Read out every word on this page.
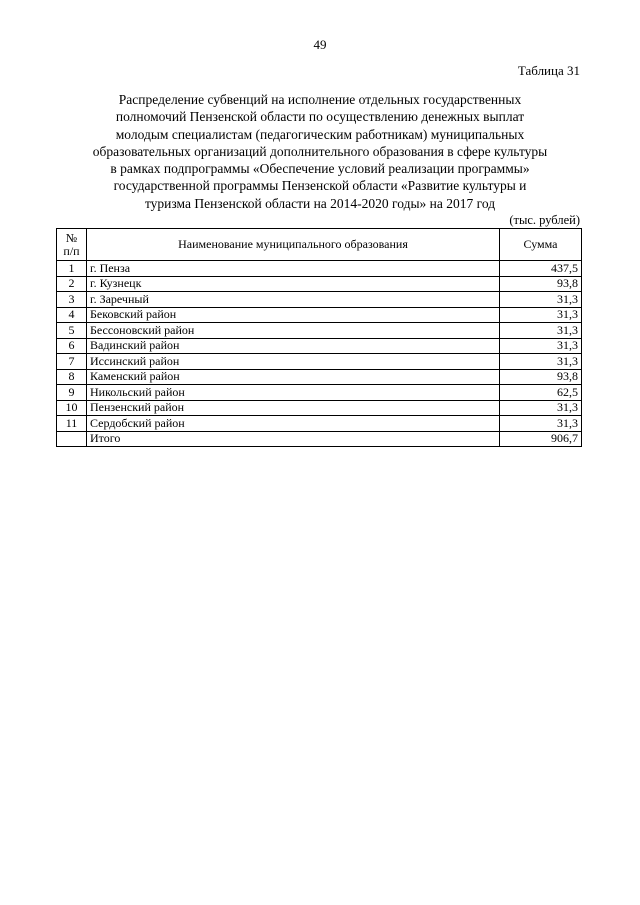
49
Таблица 31
Распределение субвенций на исполнение отдельных государственных
полномочий Пензенской области по осуществлению денежных выплат
молодым специалистам (педагогическим работникам) муниципальных
образовательных организаций дополнительного образования в сфере культуры
в рамках подпрограммы «Обеспечение условий реализации программы»
государственной программы Пензенской области «Развитие культуры и
туризма Пензенской области на 2014-2020 годы» на 2017 год
(тыс. рублей)
№
п/п	Наименование муниципального образования	Сумма
1	г. Пенза	437,5
2	г. Кузнецк	93,8
3	г. Заречный	31,3
4	Бековский район	31,3
5	Бессоновский район	31,3
6	Вадинский район	31,3
7	Иссинский район	31,3
8	Каменский район	93,8
9	Никольский район	62,5
10	Пензенский район	31,3
11	Сердобский район	31,3
	Итого	906,7
